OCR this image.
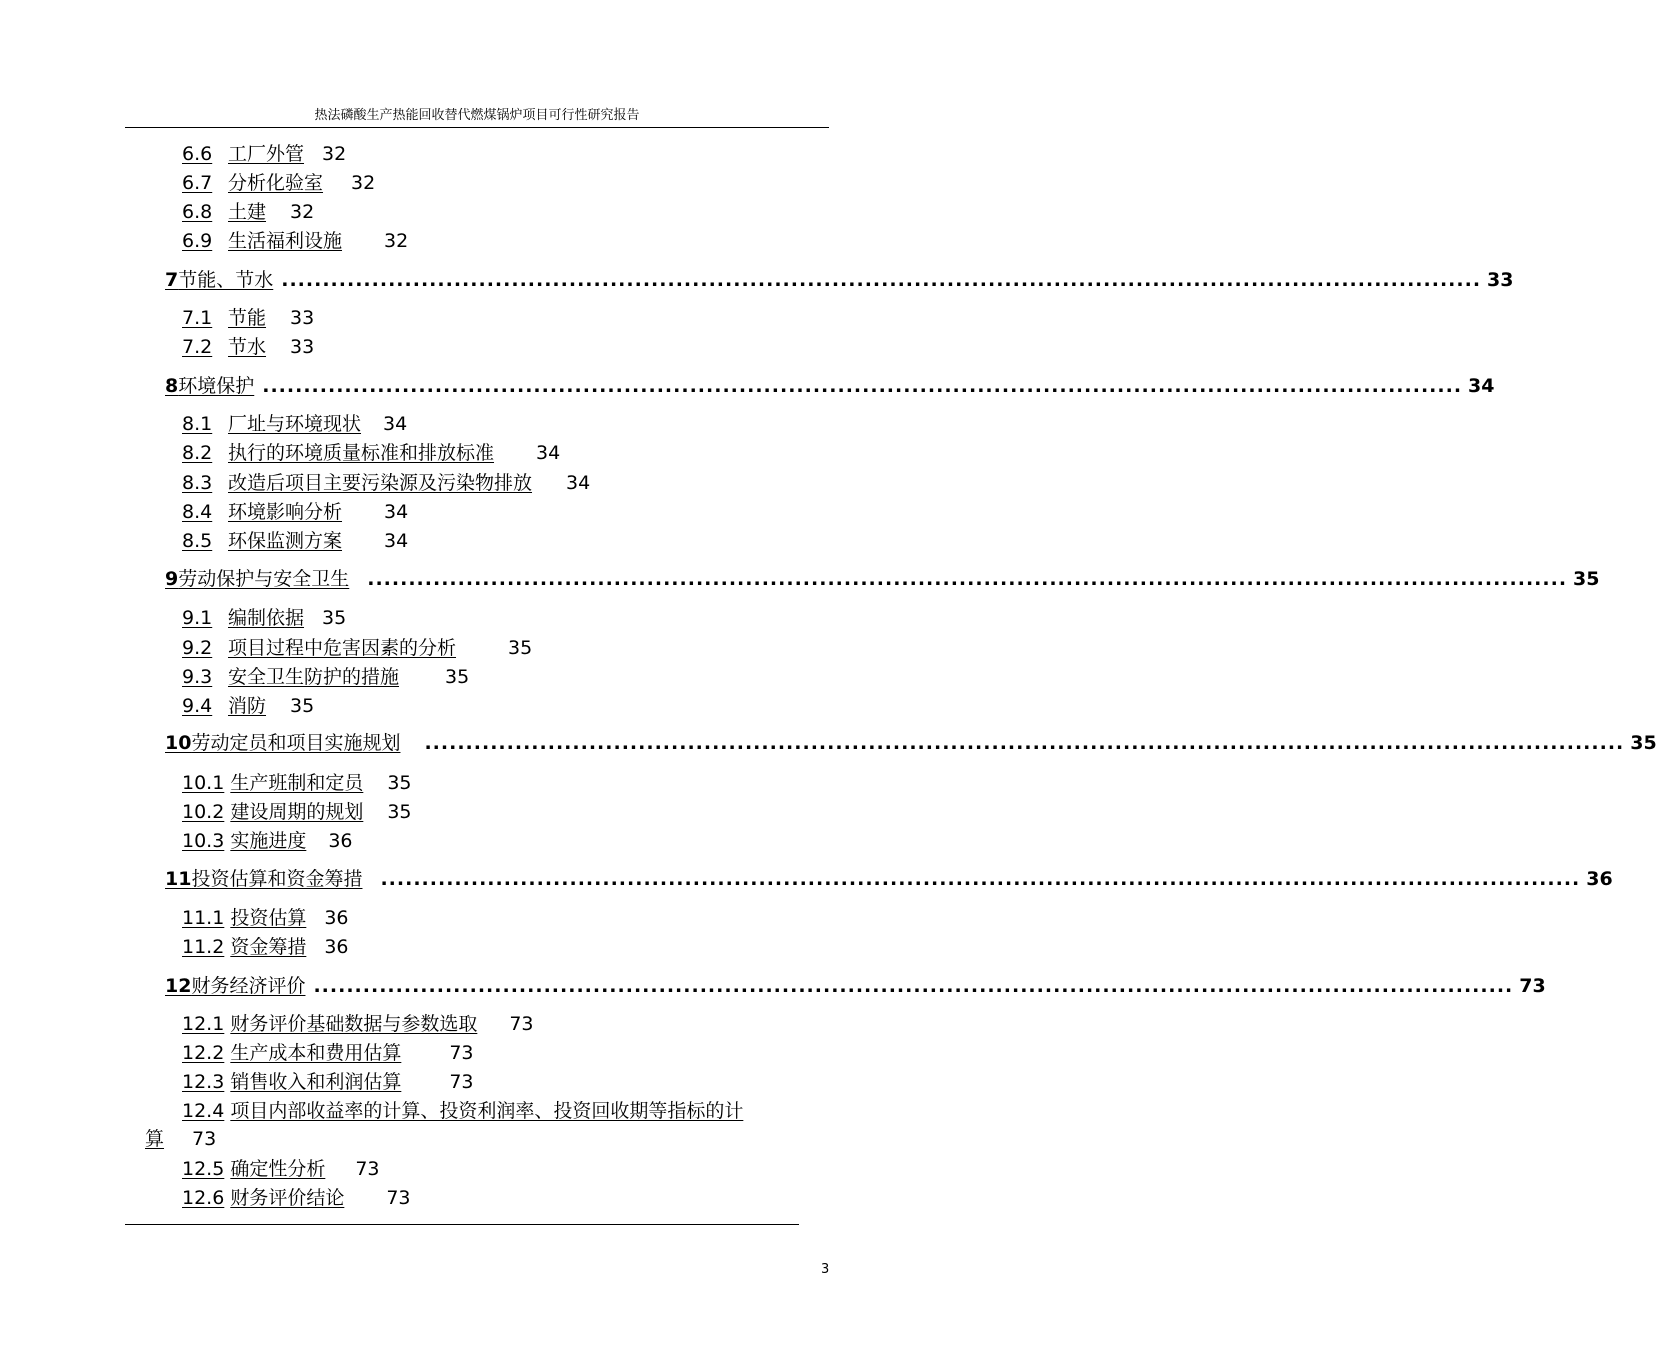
热法磷酸生产热能回收替代燃煤锅炉项目可行性研究报告
6.6 工厂外管 32
6.7 分析化验室 32
6.8 土建 32
6.9 生活福利设施 32
7 节能、节水 .................................................................................................................................................. 33
7.1 节能 33
7.2 节水 33
8 环境保护 .................................................................................................................................................. 34
8.1 厂址与环境现状 34
8.2 执行的环境质量标准和排放标准 34
8.3 改造后项目主要污染源及污染物排放 34
8.4 环境影响分析 34
8.5 环保监测方案 34
9 劳动保护与安全卫生 .................................................................................................................................................. 35
9.1 编制依据 35
9.2 项目过程中危害因素的分析	35
9.3 安全卫生防护的措施 35
9.4 消防 35
10 劳动定员和项目实施规划	.................................................................................................................................................. 35
10.1 生产班制和定员 35
10.2 建设周期的规划 35
10.3 实施进度 36
11 投资估算和资金筹措 .................................................................................................................................................. 36
11.1 投资估算 36
11.2 资金筹措 36
12 财务经济评价 .................................................................................................................................................. 73
12.1 财务评价基础数据与参数选取 73
12.2 生产成本和费用估算	73
12.3 销售收入和利润估算	73
12.4 项目内部收益率的计算、投资利润率、投资回收期等指标的计
算 73
12.5 确定性分析 73
12.6 财务评价结论 73
3
